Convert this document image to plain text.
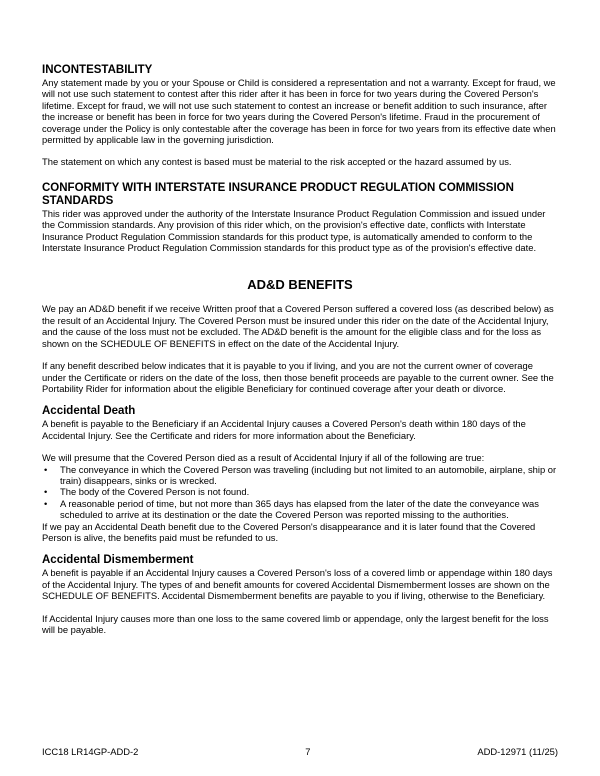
INCONTESTABILITY

Any statement made by you or your Spouse or Child is considered a representation and not a warranty. Except for fraud, we will not use such statement to contest after this rider after it has been in force for two years during the Covered Person's lifetime. Except for fraud, we will not use such statement to contest an increase or benefit addition to such insurance, after the increase or benefit has been in force for two years during the Covered Person's lifetime. Fraud in the procurement of coverage under the Policy is only contestable after the coverage has been in force for two years from its effective date when permitted by applicable law in the governing jurisdiction.

The statement on which any contest is based must be material to the risk accepted or the hazard assumed by us.

CONFORMITY WITH INTERSTATE INSURANCE PRODUCT REGULATION COMMISSION STANDARDS

This rider was approved under the authority of the Interstate Insurance Product Regulation Commission and issued under the Commission standards. Any provision of this rider which, on the provision's effective date, conflicts with Interstate Insurance Product Regulation Commission standards for this product type, is automatically amended to conform to the Interstate Insurance Product Regulation Commission standards for this product type as of the provision's effective date.

AD&D BENEFITS

We pay an AD&D benefit if we receive Written proof that a Covered Person suffered a covered loss (as described below) as the result of an Accidental Injury. The Covered Person must be insured under this rider on the date of the Accidental Injury, and the cause of the loss must not be excluded. The AD&D benefit is the amount for the eligible class and for the loss as shown on the SCHEDULE OF BENEFITS in effect on the date of the Accidental Injury.

If any benefit described below indicates that it is payable to you if living, and you are not the current owner of coverage under the Certificate or riders on the date of the loss, then those benefit proceeds are payable to the current owner. See the Portability Rider for information about the eligible Beneficiary for continued coverage after your death or divorce.

Accidental Death

A benefit is payable to the Beneficiary if an Accidental Injury causes a Covered Person's death within 180 days of the Accidental Injury. See the Certificate and riders for more information about the Beneficiary.

We will presume that the Covered Person died as a result of Accidental Injury if all of the following are true:

• The conveyance in which the Covered Person was traveling (including but not limited to an automobile, airplane, ship or train) disappears, sinks or is wrecked.
• The body of the Covered Person is not found.
• A reasonable period of time, but not more than 365 days has elapsed from the later of the date the conveyance was scheduled to arrive at its destination or the date the Covered Person was reported missing to the authorities.

If we pay an Accidental Death benefit due to the Covered Person's disappearance and it is later found that the Covered Person is alive, the benefits paid must be refunded to us.

Accidental Dismemberment

A benefit is payable if an Accidental Injury causes a Covered Person's loss of a covered limb or appendage within 180 days of the Accidental Injury. The types of and benefit amounts for covered Accidental Dismemberment losses are shown on the SCHEDULE OF BENEFITS. Accidental Dismemberment benefits are payable to you if living, otherwise to the Beneficiary.

If Accidental Injury causes more than one loss to the same covered limb or appendage, only the largest benefit for the loss will be payable.

ICC18 LR14GP-ADD-2	7	ADD-12971 (11/25)
